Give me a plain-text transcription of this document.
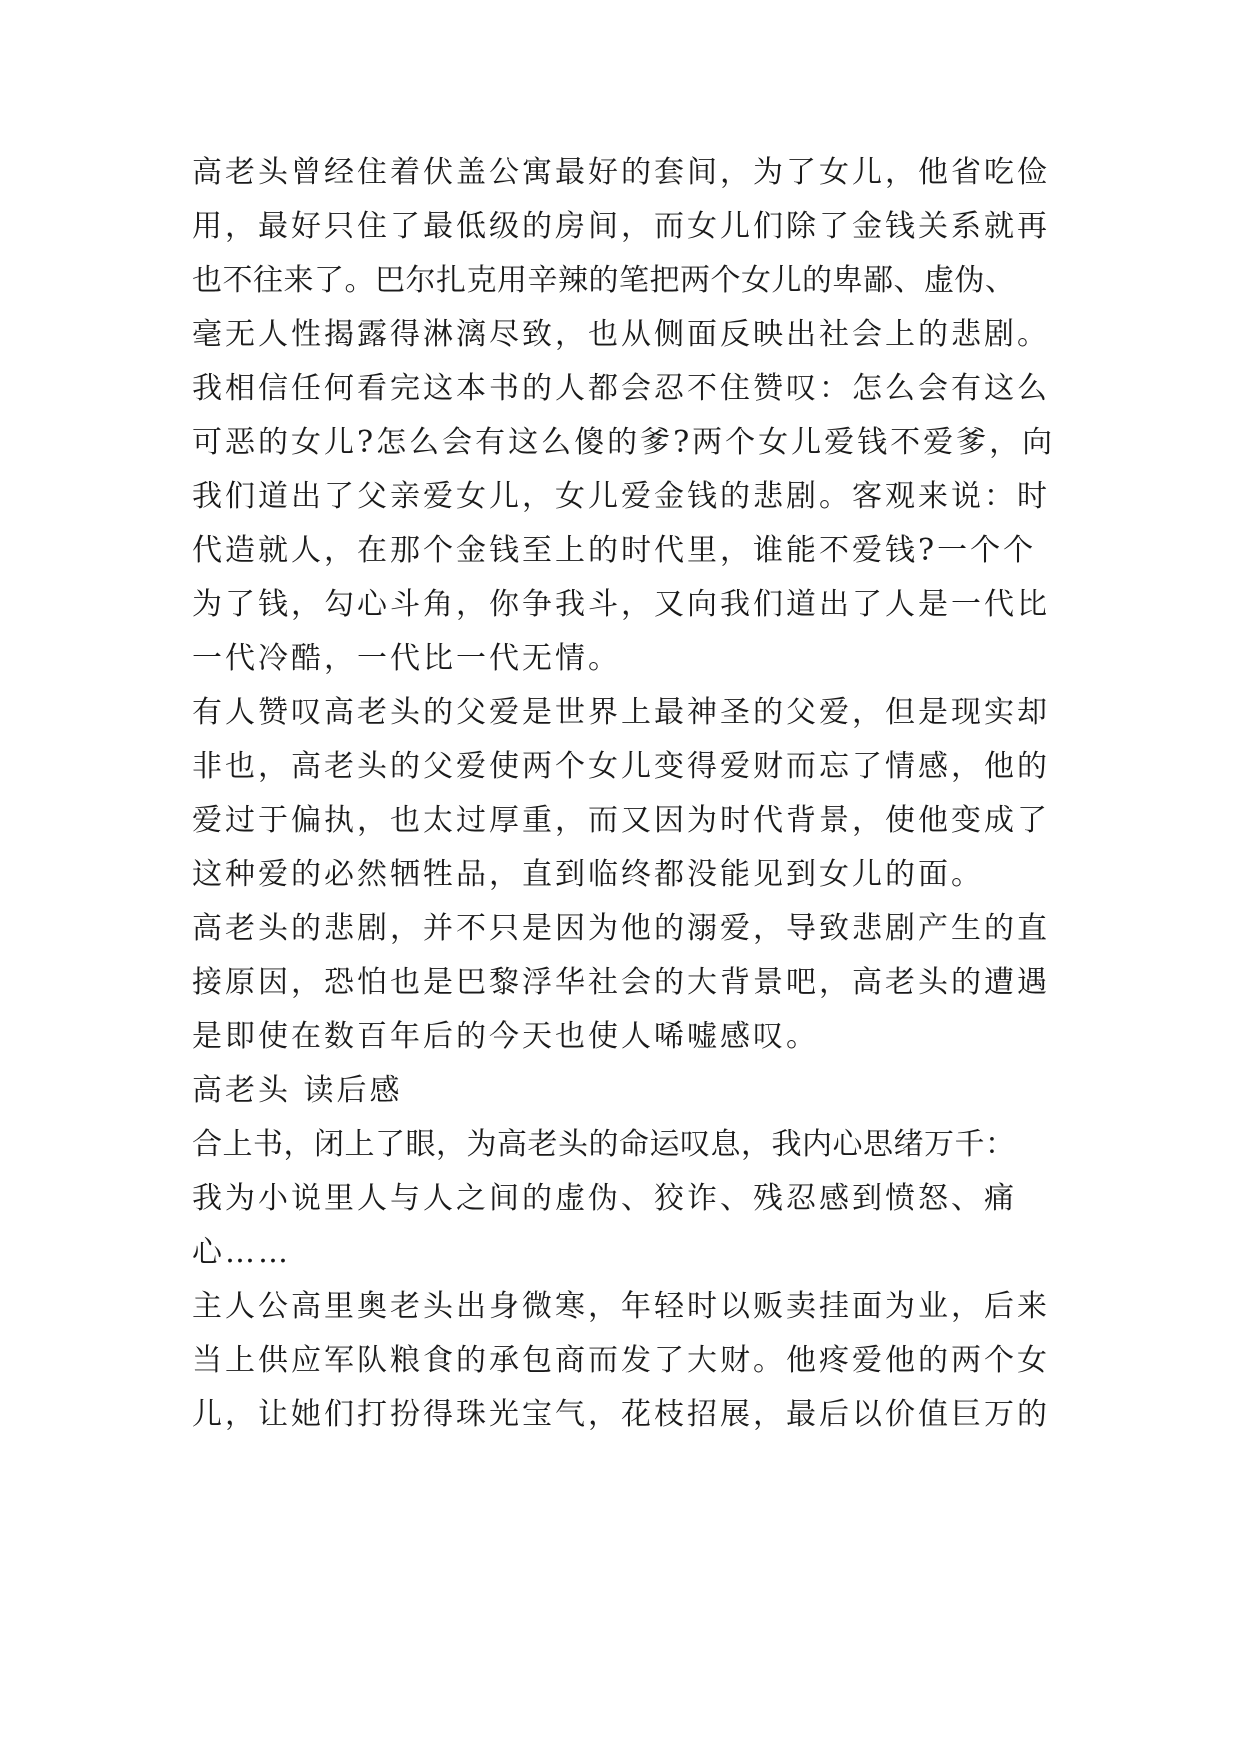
高老头曾经住着伏盖公寓最好的套间，为了女儿，他省吃俭
用，最好只住了最低级的房间，而女儿们除了金钱关系就再
也不往来了。巴尔扎克用辛辣的笔把两个女儿的卑鄙、虚伪、
毫无人性揭露得淋漓尽致，也从侧面反映出社会上的悲剧。
我相信任何看完这本书的人都会忍不住赞叹：怎么会有这么
可恶的女儿?怎么会有这么傻的爹?两个女儿爱钱不爱爹，向
我们道出了父亲爱女儿，女儿爱金钱的悲剧。客观来说：时
代造就人，在那个金钱至上的时代里，谁能不爱钱?一个个
为了钱，勾心斗角，你争我斗，又向我们道出了人是一代比
一代冷酷，一代比一代无情。
有人赞叹高老头的父爱是世界上最神圣的父爱，但是现实却
非也，高老头的父爱使两个女儿变得爱财而忘了情感，他的
爱过于偏执，也太过厚重，而又因为时代背景，使他变成了
这种爱的必然牺牲品，直到临终都没能见到女儿的面。
高老头的悲剧，并不只是因为他的溺爱，导致悲剧产生的直
接原因，恐怕也是巴黎浮华社会的大背景吧，高老头的遭遇
是即使在数百年后的今天也使人唏嘘感叹。
高老头 读后感
合上书，闭上了眼，为高老头的命运叹息，我内心思绪万千：
我为小说里人与人之间的虚伪、狡诈、残忍感到愤怒、痛
心……
主人公高里奥老头出身微寒，年轻时以贩卖挂面为业，后来
当上供应军队粮食的承包商而发了大财。他疼爱他的两个女
儿，让她们打扮得珠光宝气，花枝招展，最后以价值巨万的
